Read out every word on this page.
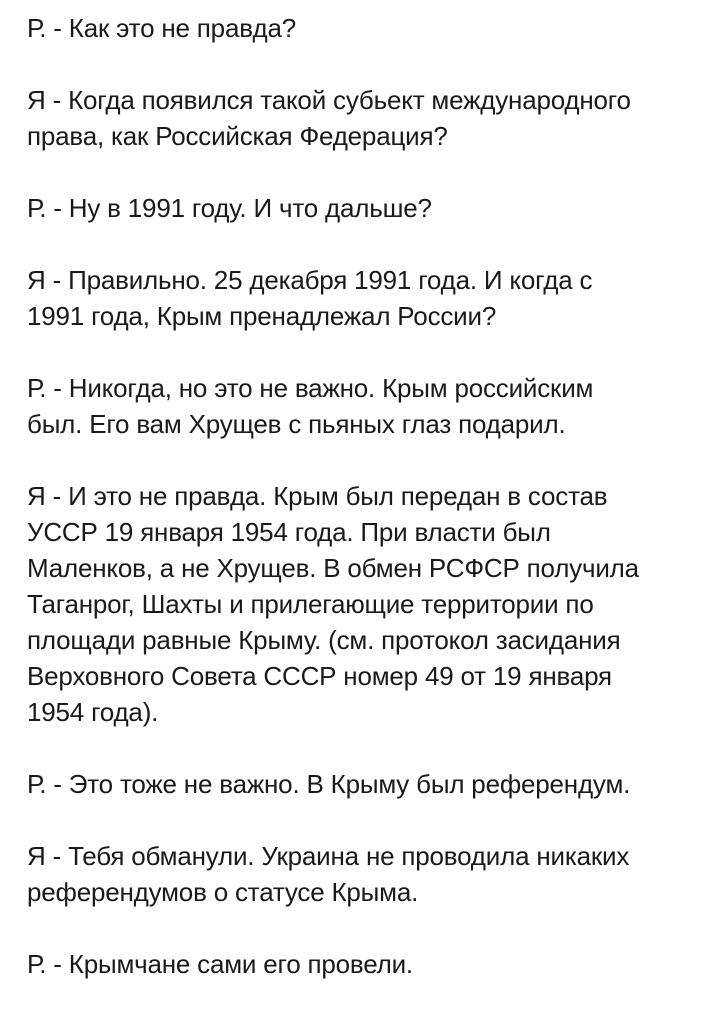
Р. - Как это не правда?

Я - Когда появился такой субьект международного
права, как Российская Федерация?

Р. - Ну в 1991 году. И что дальше?

Я - Правильно. 25 декабря 1991 года. И когда с
1991 года, Крым пренадлежал России?

Р. - Никогда, но это не важно. Крым российским
был. Его вам Хрущев с пьяных глаз подарил.

Я - И это не правда. Крым был передан в состав
УССР 19 января 1954 года. При власти был
Маленков, а не Хрущев. В обмен РСФСР получила
Таганрог, Шахты и прилегающие территории по
площади равные Крыму. (см. протокол засидания
Верховного Совета СССР номер 49 от 19 января
1954 года).

Р. - Это тоже не важно. В Крыму был референдум.

Я - Тебя обманули. Украина не проводила никаких
референдумов о статусе Крыма.

Р. - Крымчане сами его провели.
